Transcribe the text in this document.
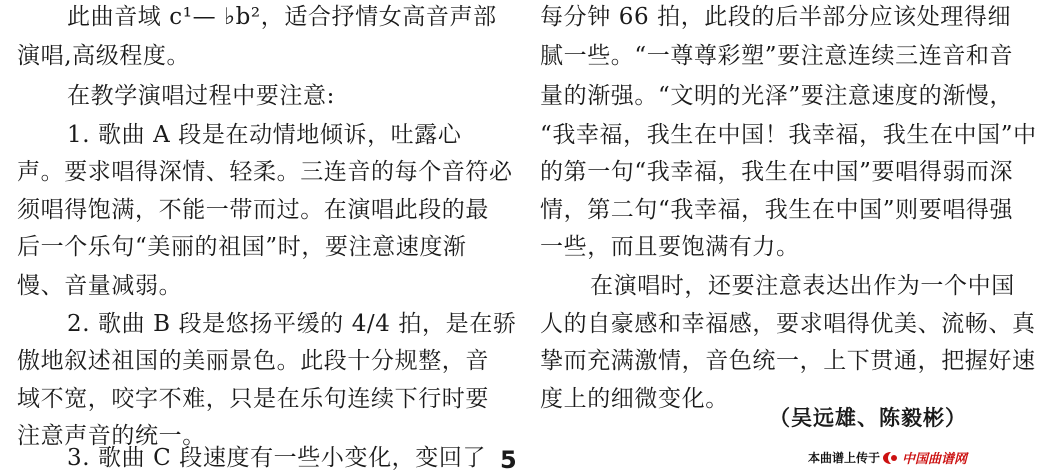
此曲音域 c¹— ♭b²，适合抒情女高音声部
演唱,高级程度。
在教学演唱过程中要注意:
1. 歌曲 A 段是在动情地倾诉，吐露心
声。要求唱得深情、轻柔。三连音的每个音符必
须唱得饱满，不能一带而过。在演唱此段的最
后一个乐句“美丽的祖国”时，要注意速度渐
慢、音量减弱。
2. 歌曲 B 段是悠扬平缓的 4/4 拍，是在骄
傲地叙述祖国的美丽景色。此段十分规整，音
域不宽，咬字不难，只是在乐句连续下行时要
注意声音的统一。
3. 歌曲 C 段速度有一些小变化，变回了
每分钟 66 拍，此段的后半部分应该处理得细
腻一些。“一尊尊彩塑”要注意连续三连音和音
量的渐强。“文明的光泽”要注意速度的渐慢，
“我幸福，我生在中国！我幸福，我生在中国”中
的第一句“我幸福，我生在中国”要唱得弱而深
情，第二句“我幸福，我生在中国”则要唱得强
一些，而且要饱满有力。
在演唱时，还要注意表达出作为一个中国
人的自豪感和幸福感，要求唱得优美、流畅、真
挚而充满激情，音色统一，上下贯通，把握好速
度上的细微变化。
（吴远雄、陈毅彬）
5	本曲谱上传于 中国曲谱网
